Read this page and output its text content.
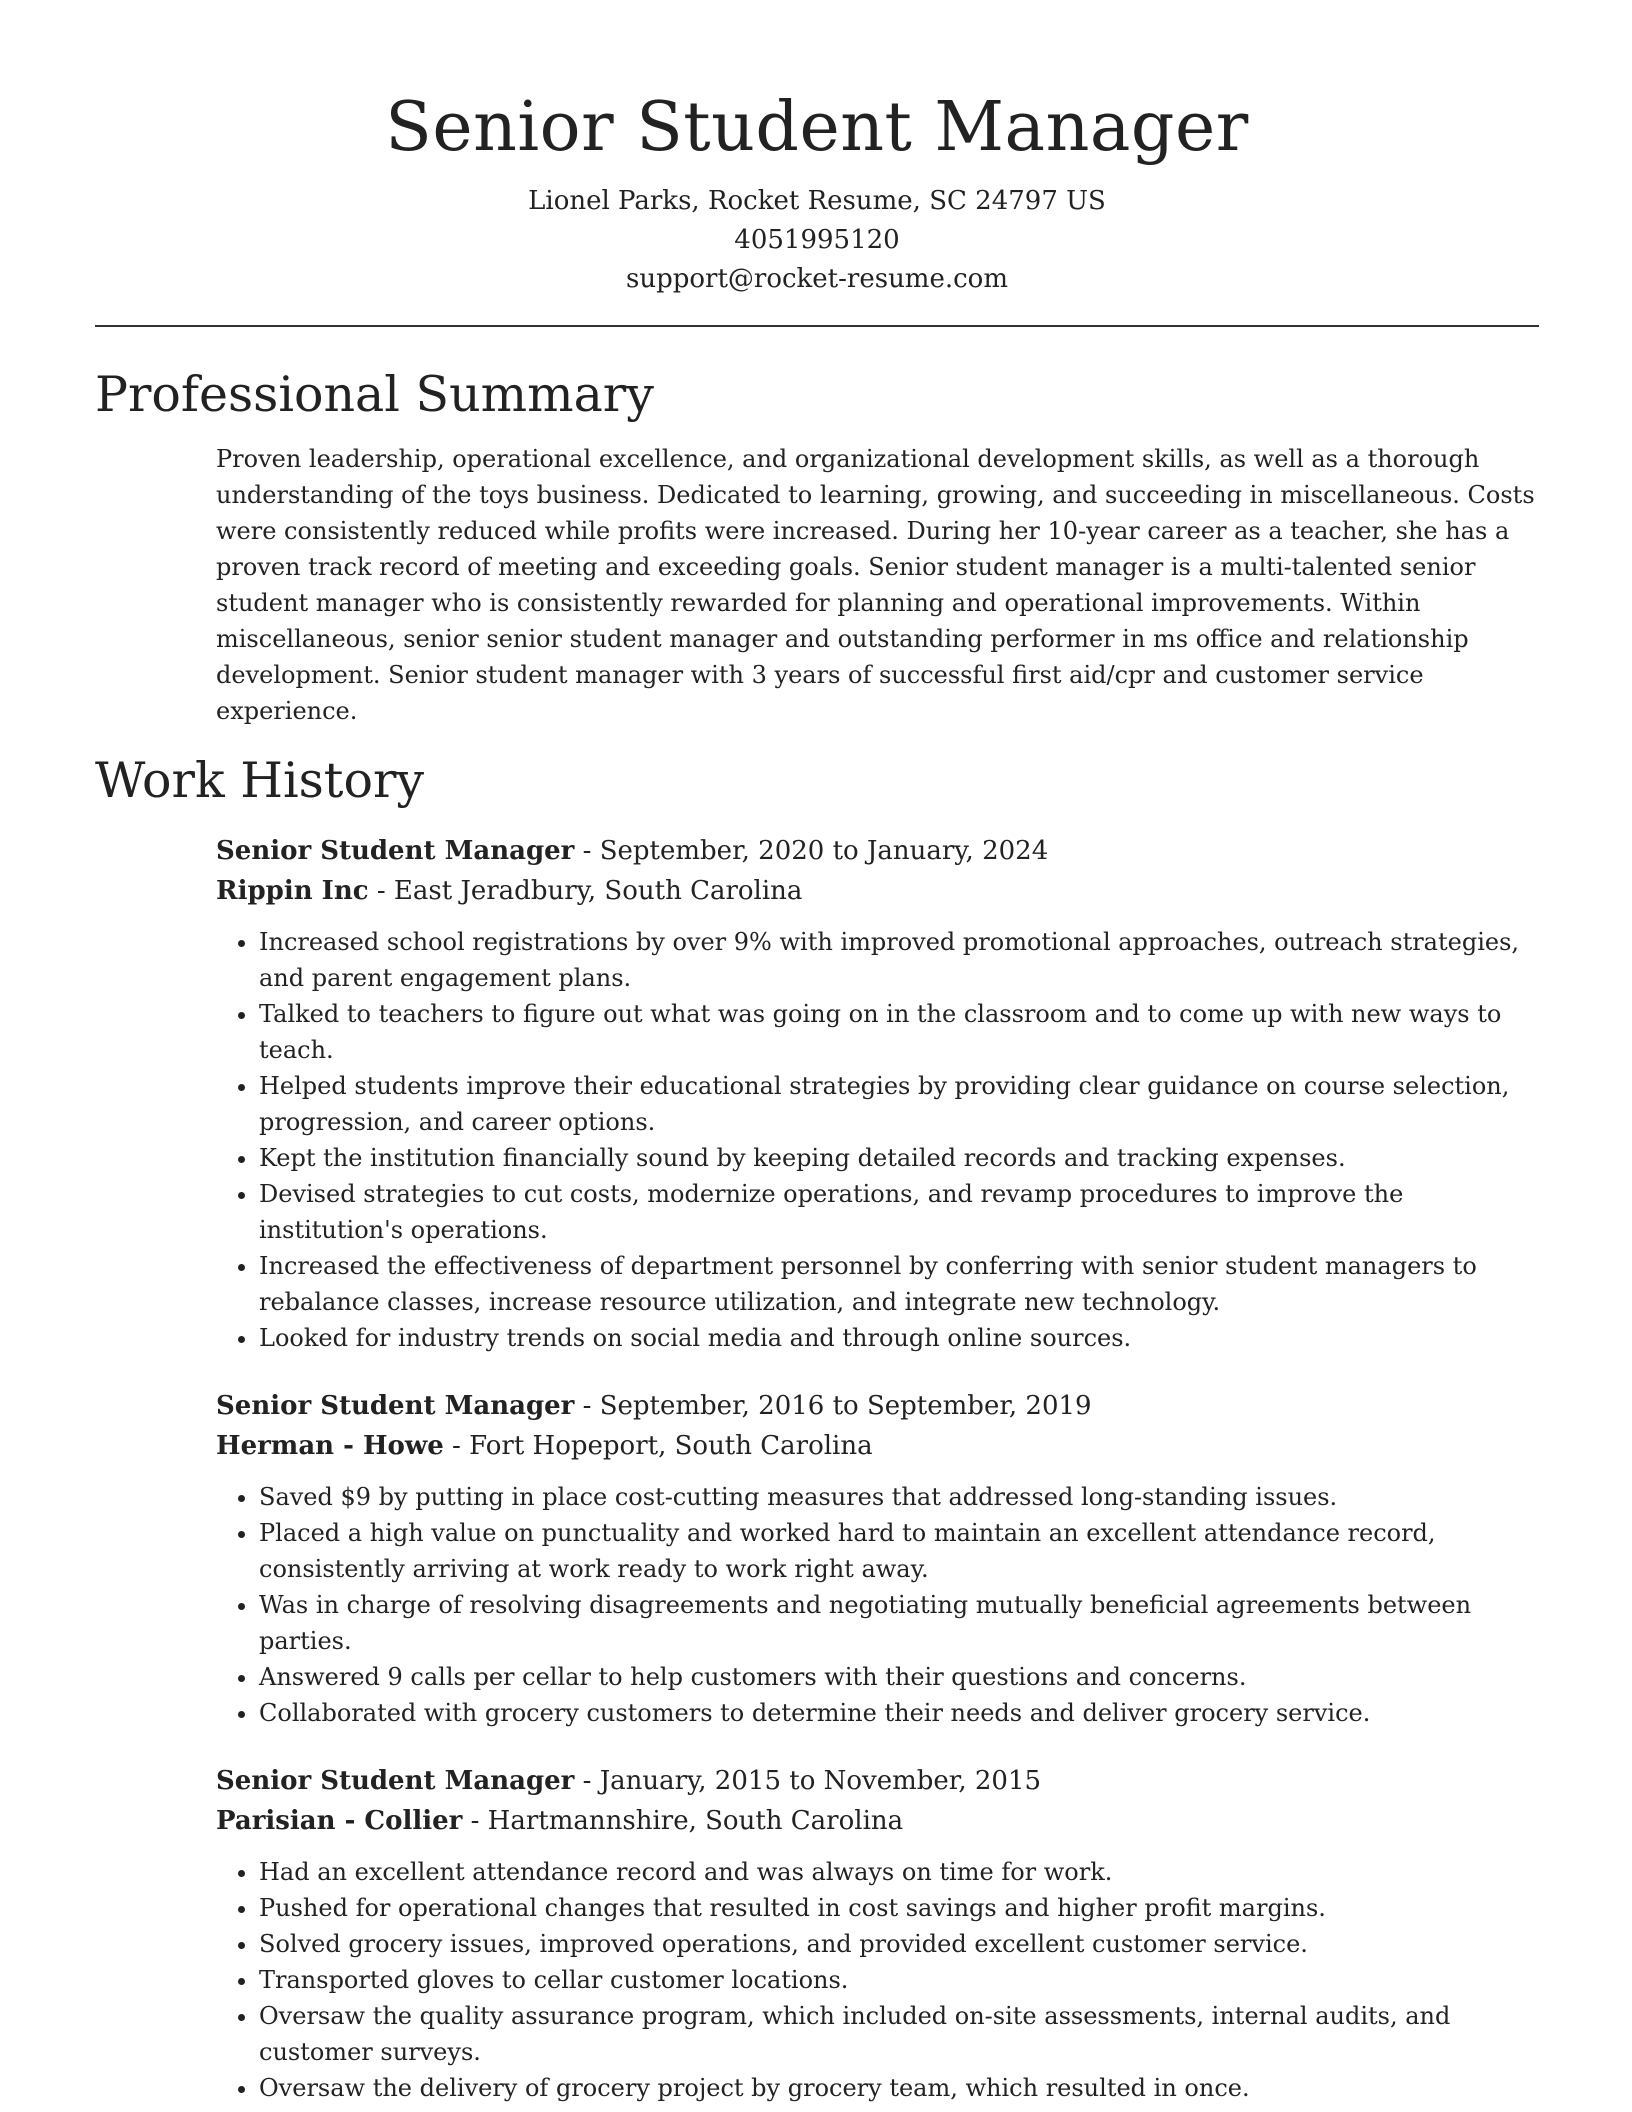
Senior Student Manager
Lionel Parks, Rocket Resume, SC 24797 US
4051995120
support@rocket-resume.com
Professional Summary
Proven leadership, operational excellence, and organizational development skills, as well as a thorough understanding of the toys business. Dedicated to learning, growing, and succeeding in miscellaneous. Costs were consistently reduced while profits were increased. During her 10-year career as a teacher, she has a proven track record of meeting and exceeding goals. Senior student manager is a multi-talented senior student manager who is consistently rewarded for planning and operational improvements. Within miscellaneous, senior senior student manager and outstanding performer in ms office and relationship development. Senior student manager with 3 years of successful first aid/cpr and customer service experience.
Work History
Senior Student Manager - September, 2020 to January, 2024
Rippin Inc - East Jeradbury, South Carolina
• Increased school registrations by over 9% with improved promotional approaches, outreach strategies, and parent engagement plans.
• Talked to teachers to figure out what was going on in the classroom and to come up with new ways to teach.
• Helped students improve their educational strategies by providing clear guidance on course selection, progression, and career options.
• Kept the institution financially sound by keeping detailed records and tracking expenses.
• Devised strategies to cut costs, modernize operations, and revamp procedures to improve the institution's operations.
• Increased the effectiveness of department personnel by conferring with senior student managers to rebalance classes, increase resource utilization, and integrate new technology.
• Looked for industry trends on social media and through online sources.
Senior Student Manager - September, 2016 to September, 2019
Herman - Howe - Fort Hopeport, South Carolina
• Saved $9 by putting in place cost-cutting measures that addressed long-standing issues.
• Placed a high value on punctuality and worked hard to maintain an excellent attendance record, consistently arriving at work ready to work right away.
• Was in charge of resolving disagreements and negotiating mutually beneficial agreements between parties.
• Answered 9 calls per cellar to help customers with their questions and concerns.
• Collaborated with grocery customers to determine their needs and deliver grocery service.
Senior Student Manager - January, 2015 to November, 2015
Parisian - Collier - Hartmannshire, South Carolina
• Had an excellent attendance record and was always on time for work.
• Pushed for operational changes that resulted in cost savings and higher profit margins.
• Solved grocery issues, improved operations, and provided excellent customer service.
• Transported gloves to cellar customer locations.
• Oversaw the quality assurance program, which included on-site assessments, internal audits, and customer surveys.
• Oversaw the delivery of grocery project by grocery team, which resulted in once.
